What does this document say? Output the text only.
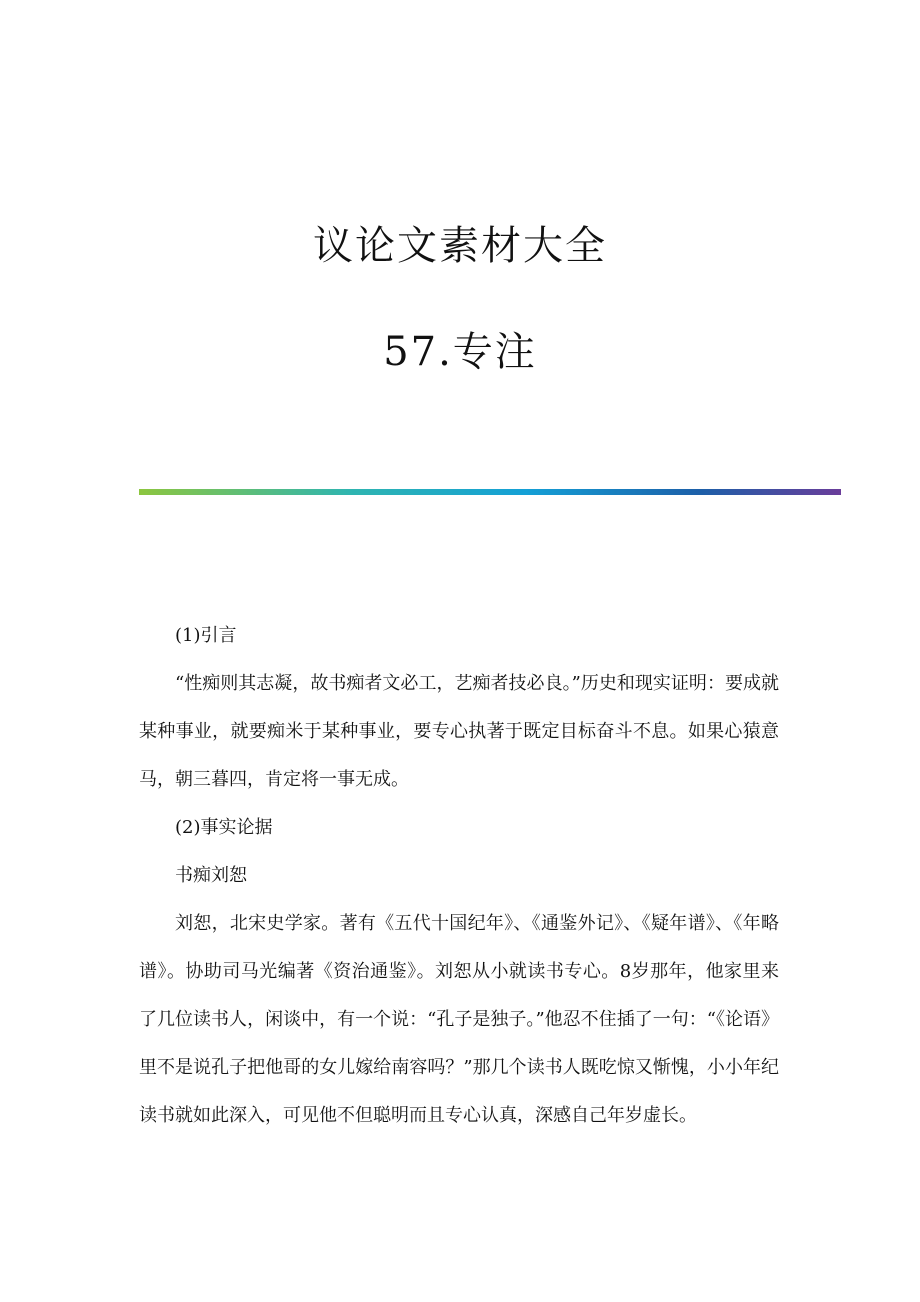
议论文素材大全
57.专注

(1)引言

“性痴则其志凝，故书痴者文必工，艺痴者技必良。”历史和现实证明：要成就某种事业，就要痴米于某种事业，要专心执著于既定目标奋斗不息。如果心猿意马，朝三暮四，肯定将一事无成。

(2)事实论据

书痴刘恕

刘恕，北宋史学家。著有《五代十国纪年》、《通鉴外记》、《疑年谱》、《年略谱》。协助司马光编著《资治通鉴》。刘恕从小就读书专心。8岁那年，他家里来了几位读书人，闲谈中，有一个说：“孔子是独子。”他忍不住插了一句：“《论语》里不是说孔子把他哥的女儿嫁给南容吗？”那几个读书人既吃惊又惭愧，小小年纪读书就如此深入，可见他不但聪明而且专心认真，深感自己年岁虚长。
